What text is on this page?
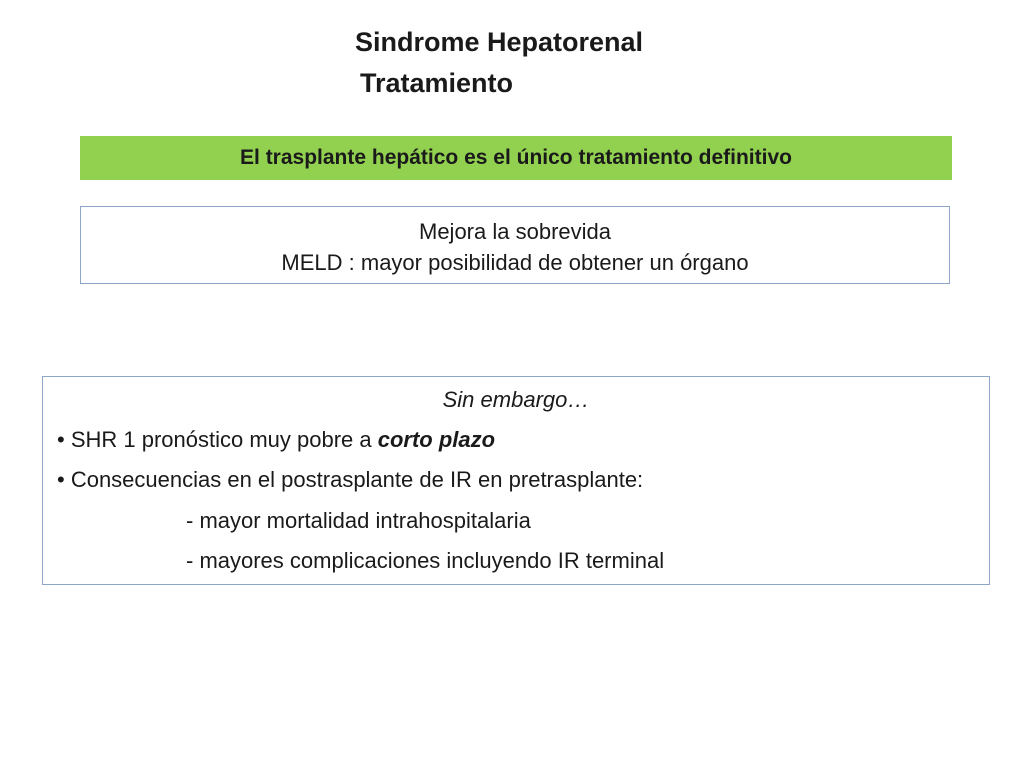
Sindrome Hepatorenal
Tratamiento
El trasplante hepático es el único tratamiento definitivo
Mejora la sobrevida
MELD : mayor posibilidad de obtener un órgano
Sin embargo…
• SHR 1 pronóstico muy pobre a corto plazo
• Consecuencias en el postrasplante de IR en pretrasplante:
- mayor mortalidad intrahospitalaria
- mayores complicaciones incluyendo IR terminal
